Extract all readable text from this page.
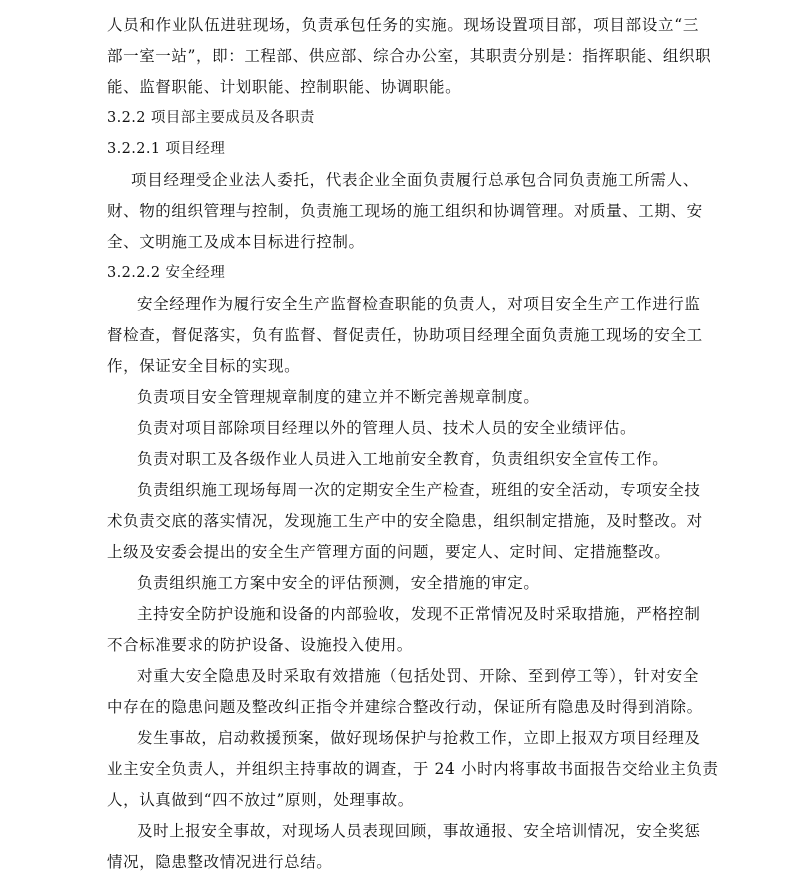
人员和作业队伍进驻现场，负责承包任务的实施。现场设置项目部，项目部设立“三
部一室一站”，即：工程部、供应部、综合办公室，其职责分别是：指挥职能、组织职
能、监督职能、计划职能、控制职能、协调职能。
3.2.2 项目部主要成员及各职责
3.2.2.1 项目经理
项目经理受企业法人委托，代表企业全面负责履行总承包合同负责施工所需人、
财、物的组织管理与控制，负责施工现场的施工组织和协调管理。对质量、工期、安
全、文明施工及成本目标进行控制。
3.2.2.2 安全经理
安全经理作为履行安全生产监督检查职能的负责人，对项目安全生产工作进行监
督检查，督促落实，负有监督、督促责任，协助项目经理全面负责施工现场的安全工
作，保证安全目标的实现。
负责项目安全管理规章制度的建立并不断完善规章制度。
负责对项目部除项目经理以外的管理人员、技术人员的安全业绩评估。
负责对职工及各级作业人员进入工地前安全教育，负责组织安全宣传工作。
负责组织施工现场每周一次的定期安全生产检查，班组的安全活动，专项安全技
术负责交底的落实情况，发现施工生产中的安全隐患，组织制定措施，及时整改。对
上级及安委会提出的安全生产管理方面的问题，要定人、定时间、定措施整改。
负责组织施工方案中安全的评估预测，安全措施的审定。
主持安全防护设施和设备的内部验收，发现不正常情况及时采取措施，严格控制
不合标准要求的防护设备、设施投入使用。
对重大安全隐患及时采取有效措施（包括处罚、开除、至到停工等），针对安全
中存在的隐患问题及整改纠正指令并建综合整改行动，保证所有隐患及时得到消除。
发生事故，启动救援预案，做好现场保护与抢救工作，立即上报双方项目经理及
业主安全负责人，并组织主持事故的调查，于 24 小时内将事故书面报告交给业主负责
人，认真做到“四不放过”原则，处理事故。
及时上报安全事故，对现场人员表现回顾，事故通报、安全培训情况，安全奖惩
情况，隐患整改情况进行总结。
